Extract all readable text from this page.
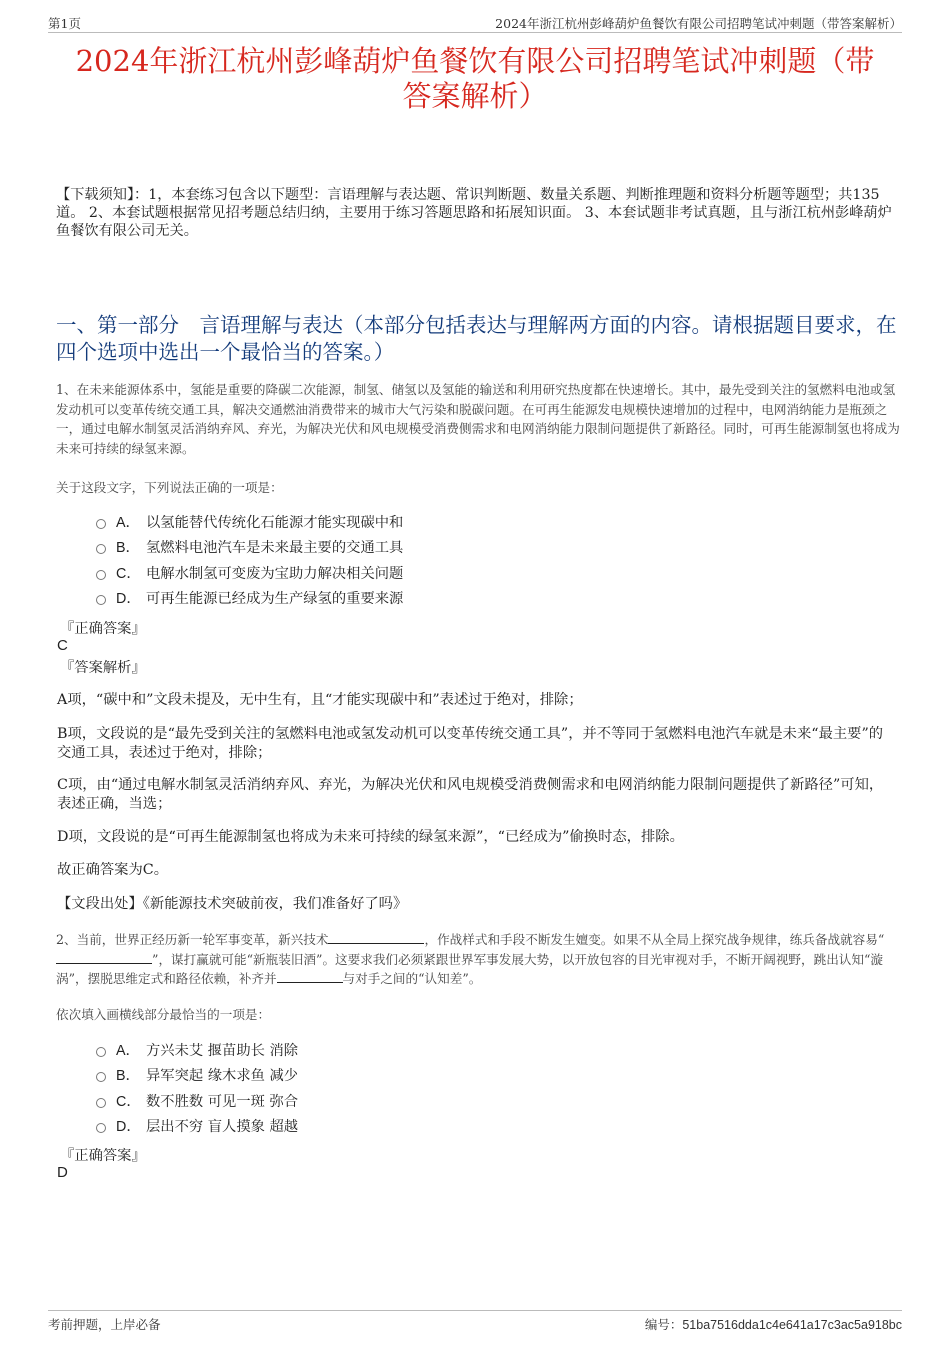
第1页	2024年浙江杭州彭峰葫炉鱼餐饮有限公司招聘笔试冲刺题（带答案解析）
2024年浙江杭州彭峰葫炉鱼餐饮有限公司招聘笔试冲刺题（带
答案解析）
【下载须知】：1，本套练习包含以下题型：言语理解与表达题、常识判断题、数量关系题、判断推理题和资料分析题等题型；共135道。 2、本套试题根据常见招考题总结归纳，主要用于练习答题思路和拓展知识面。 3、本套试题非考试真题，且与浙江杭州彭峰葫炉鱼餐饮有限公司无关。
一、第一部分　言语理解与表达（本部分包括表达与理解两方面的内容。请根据题目要求，在四个选项中选出一个最恰当的答案。）
1、在未来能源体系中，氢能是重要的降碳二次能源，制氢、储氢以及氢能的输送和利用研究热度都在快速增长。其中，最先受到关注的氢燃料电池或氢发动机可以变革传统交通工具，解决交通燃油消费带来的城市大气污染和脱碳问题。在可再生能源发电规模快速增加的过程中，电网消纳能力是瓶颈之一，通过电解水制氢灵活消纳弃风、弃光，为解决光伏和风电规模受消费侧需求和电网消纳能力限制问题提供了新路径。同时，可再生能源制氢也将成为未来可持续的绿氢来源。
关于这段文字，下列说法正确的一项是：
A． 以氢能替代传统化石能源才能实现碳中和
B． 氢燃料电池汽车是未来最主要的交通工具
C． 电解水制氢可变废为宝助力解决相关问题
D． 可再生能源已经成为生产绿氢的重要来源
『正确答案』
C
『答案解析』
A项，“碳中和”文段未提及，无中生有，且“才能实现碳中和”表述过于绝对，排除；
B项，文段说的是“最先受到关注的氢燃料电池或氢发动机可以变革传统交通工具”，并不等同于氢燃料电池汽车就是未来“最主要”的交通工具，表述过于绝对，排除；
C项，由“通过电解水制氢灵活消纳弃风、弃光，为解决光伏和风电规模受消费侧需求和电网消纳能力限制问题提供了新路径”可知，表述正确，当选；
D项，文段说的是“可再生能源制氢也将成为未来可持续的绿氢来源”，“已经成为”偷换时态，排除。
故正确答案为C。
【文段出处】《新能源技术突破前夜，我们准备好了吗》
2、当前，世界正经历新一轮军事变革，新兴技术	，作战样式和手段不断发生嬗变。如果不从全局上探究战争规律，练兵备战就容易“”，谋打赢就可能“新瓶装旧酒”。这要求我们必须紧跟世界军事发展大势，以开放包容的目光审视对手，不断开阔视野，跳出认知“漩涡”，摆脱思维定式和路径依赖，补齐并	与对手之间的“认知差”。
依次填入画横线部分最恰当的一项是：
A． 方兴未艾 揠苗助长 消除
B． 异军突起 缘木求鱼 减少
C． 数不胜数 可见一斑 弥合
D． 层出不穷 盲人摸象 超越
『正确答案』
D
考前押题，上岸必备	编号：51ba7516dda1c4e641a17c3ac5a918bc
